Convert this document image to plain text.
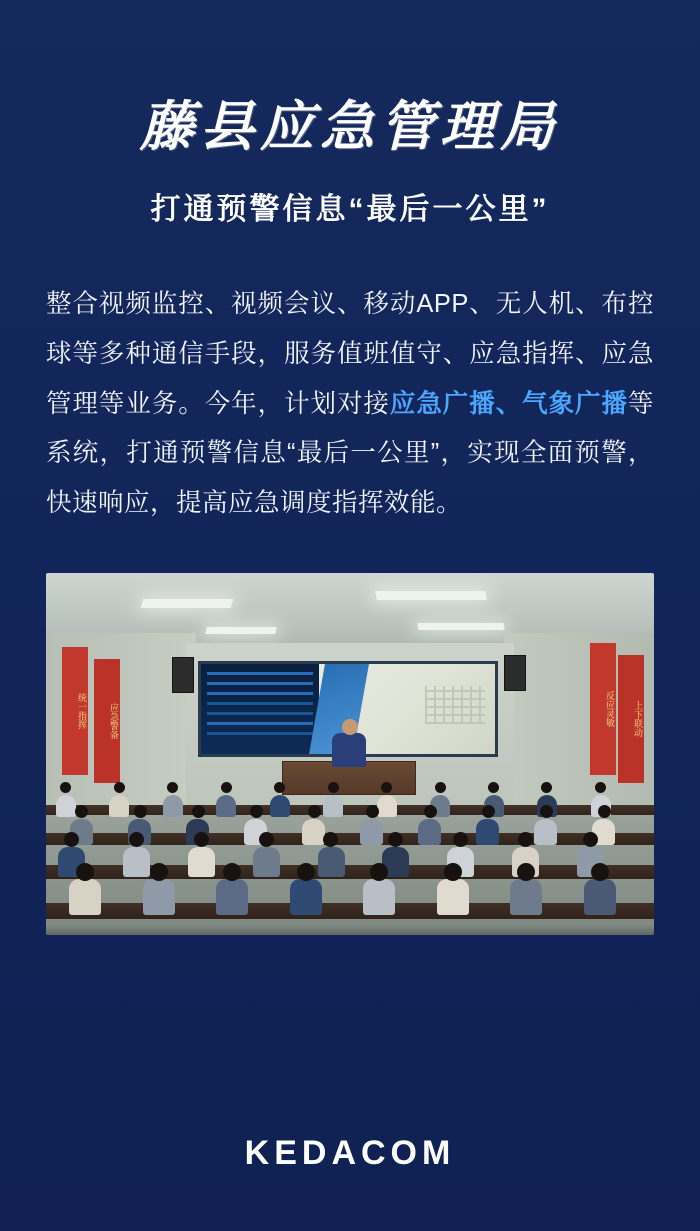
藤县应急管理局
打通预警信息“最后一公里”
整合视频监控、视频会议、移动APP、无人机、布控球等多种通信手段，服务值班值守、应急指挥、应急管理等业务。今年，计划对接应急广播、气象广播等系统，打通预警信息“最后一公里”，实现全面预警，快速响应，提高应急调度指挥效能。
统一指挥	应急警备	反应灵敏	上下联动
KEDACOM
